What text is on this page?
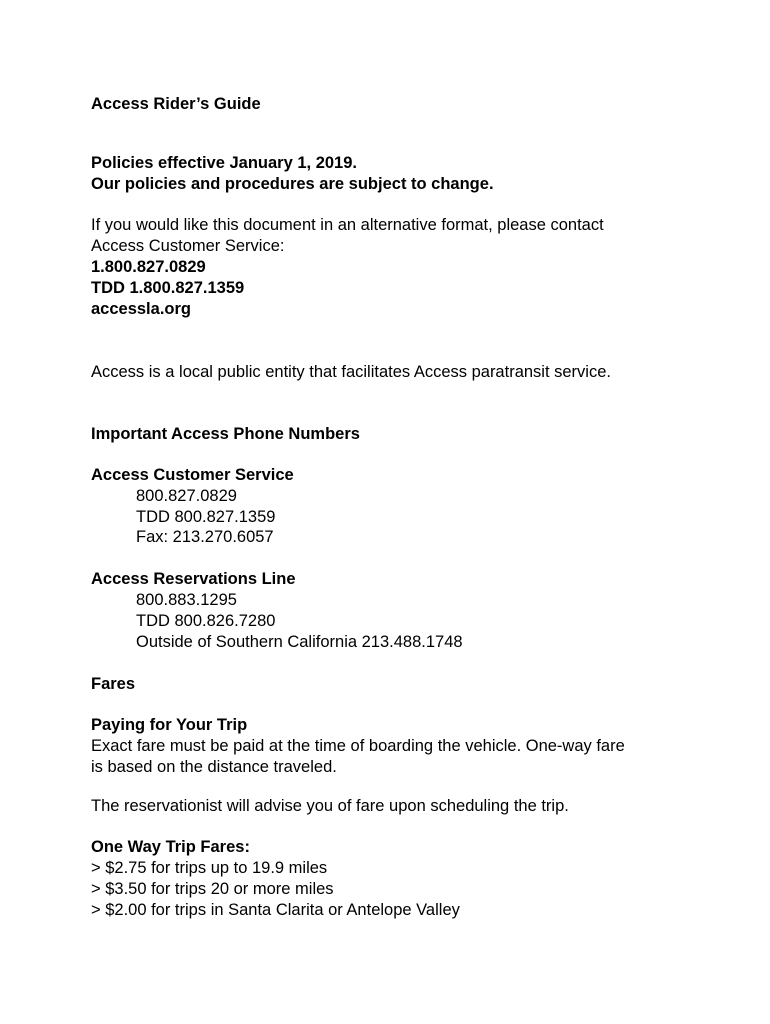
Access Rider’s Guide

Policies effective January 1, 2019.

Our policies and procedures are subject to change.

If you would like this document in an alternative format, please contact

Access Customer Service:

1.800.827.0829

TDD 1.800.827.1359

accessla.org

Access is a local public entity that facilitates Access paratransit service.

Important Access Phone Numbers

Access Customer Service

800.827.0829

TDD 800.827.1359

Fax: 213.270.6057

Access Reservations Line

800.883.1295

TDD 800.826.7280

Outside of Southern California 213.488.1748

Fares

Paying for Your Trip

Exact fare must be paid at the time of boarding the vehicle. One-way fare

is based on the distance traveled.

The reservationist will advise you of fare upon scheduling the trip.

One Way Trip Fares:

> $2.75 for trips up to 19.9 miles

> $3.50 for trips 20 or more miles

> $2.00 for trips in Santa Clarita or Antelope Valley
